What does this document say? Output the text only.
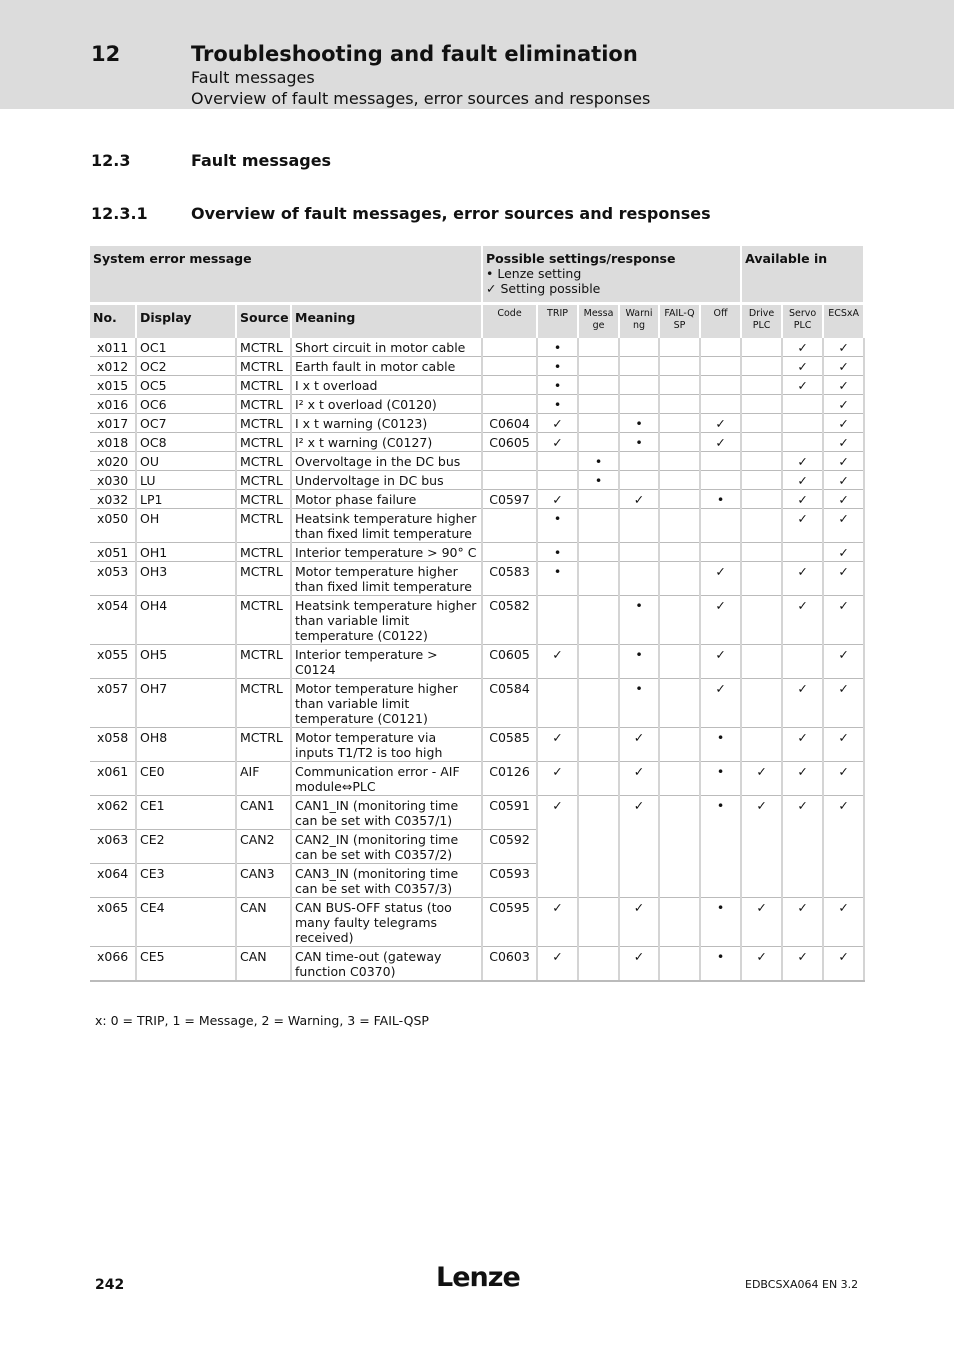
12	Troubleshooting and fault elimination
Fault messages
Overview of fault messages, error sources and responses
12.3	Fault messages
12.3.1	Overview of fault messages, error sources and responses
System error message				Possible settings/response
• Lenze setting
✓ Setting possible						Available in		
No.	Display	Source	Meaning	Code	TRIP	Messa ge	Warni ng	FAIL-Q SP	Off	Drive PLC	Servo PLC	ECSxA
x011	OC1	MCTRL	Short circuit in motor cable		•						✓	✓
x012	OC2	MCTRL	Earth fault in motor cable		•						✓	✓
x015	OC5	MCTRL	I x t overload		•						✓	✓
x016	OC6	MCTRL	I² x t overload (C0120)		•							✓
x017	OC7	MCTRL	I x t warning (C0123)	C0604	✓		•		✓			✓
x018	OC8	MCTRL	I² x t warning (C0127)	C0605	✓		•		✓			✓
x020	OU	MCTRL	Overvoltage in the DC bus			•					✓	✓
x030	LU	MCTRL	Undervoltage in DC bus			•					✓	✓
x032	LP1	MCTRL	Motor phase failure	C0597	✓		✓		•		✓	✓
x050	OH	MCTRL	Heatsink temperature higher than fixed limit temperature		•						✓	✓
x051	OH1	MCTRL	Interior temperature > 90° C		•							✓
x053	OH3	MCTRL	Motor temperature higher than fixed limit temperature	C0583	•				✓		✓	✓
x054	OH4	MCTRL	Heatsink temperature higher than variable limit temperature (C0122)	C0582			•		✓		✓	✓
x055	OH5	MCTRL	Interior temperature > C0124	C0605	✓		•		✓			✓
x057	OH7	MCTRL	Motor temperature higher than variable limit temperature (C0121)	C0584			•		✓		✓	✓
x058	OH8	MCTRL	Motor temperature via inputs T1/T2 is too high	C0585	✓		✓		•		✓	✓
x061	CE0	AIF	Communication error - AIF module⇔PLC	C0126	✓		✓		•	✓	✓	✓
x062	CE1	CAN1	CAN1_IN (monitoring time can be set with C0357/1)	C0591	✓		✓		•	✓	✓	✓
x063	CE2	CAN2	CAN2_IN (monitoring time can be set with C0357/2)	C0592								
x064	CE3	CAN3	CAN3_IN (monitoring time can be set with C0357/3)	C0593								
x065	CE4	CAN	CAN BUS-OFF status (too many faulty telegrams received)	C0595	✓		✓		•	✓	✓	✓
x066	CE5	CAN	CAN time-out (gateway function C0370)	C0603	✓		✓		•	✓	✓	✓
x: 0 = TRIP, 1 = Message, 2 = Warning, 3 = FAIL-QSP
242	Lenze	EDBCSXA064 EN 3.2
